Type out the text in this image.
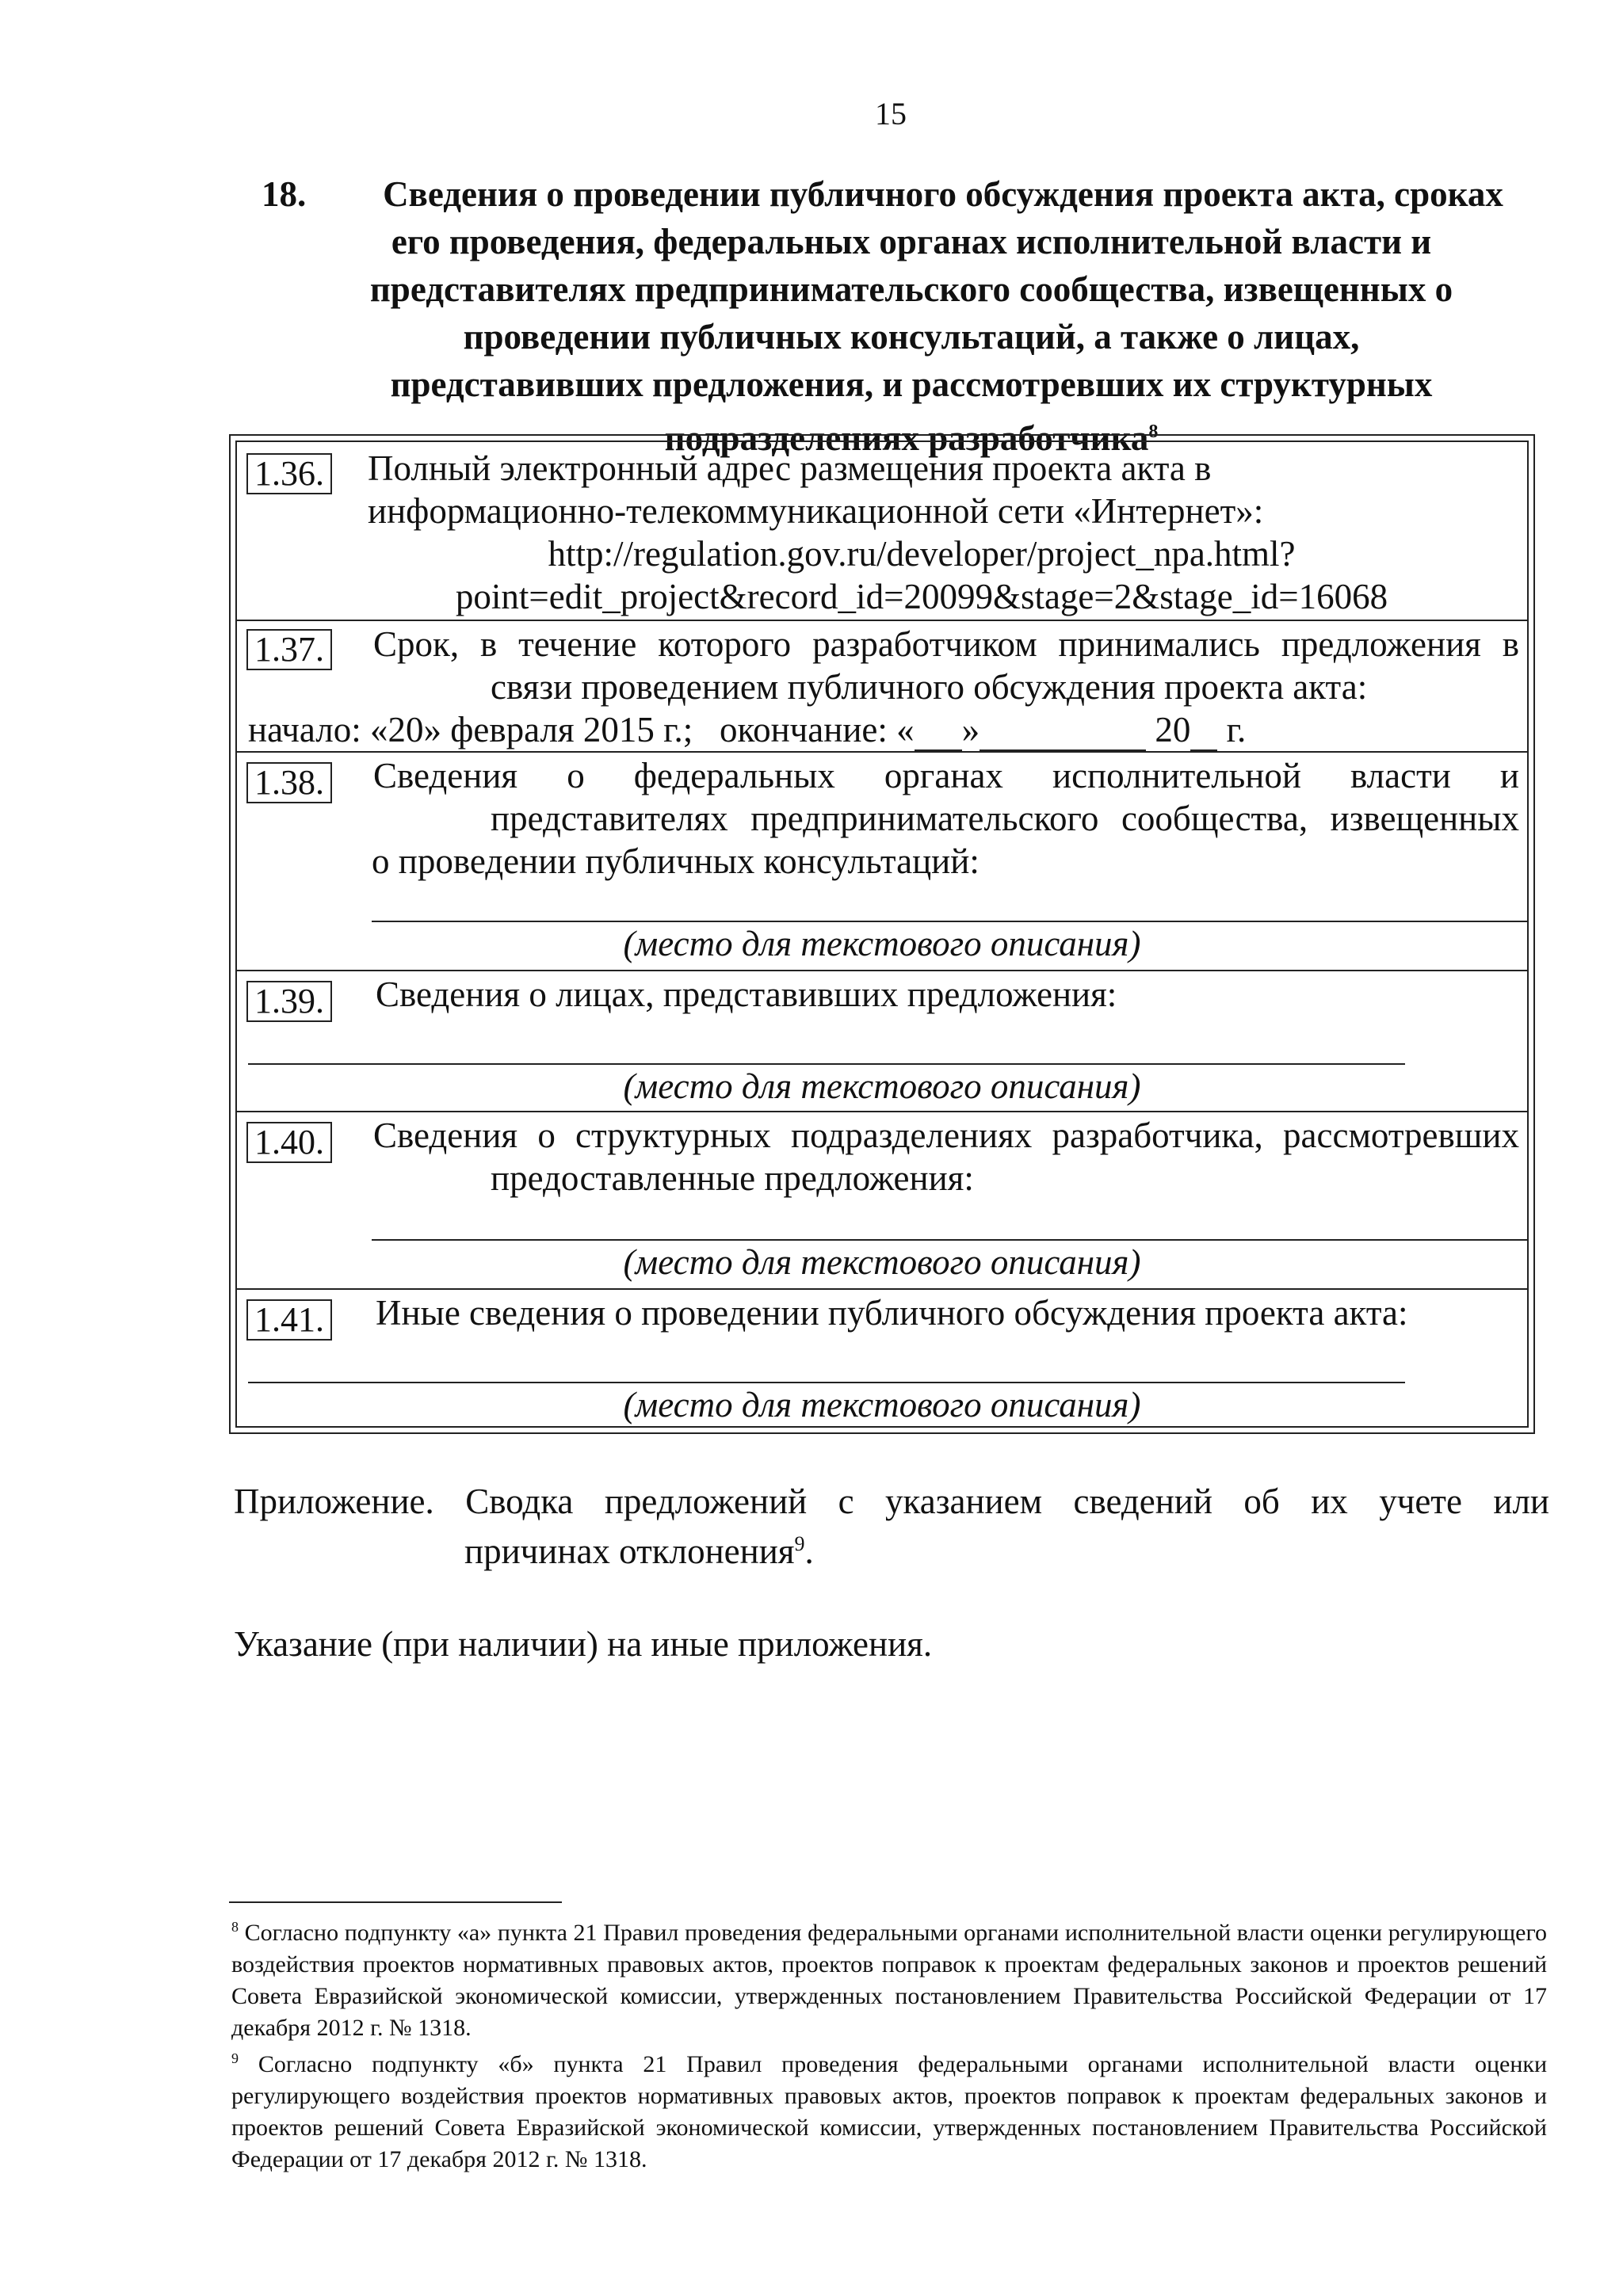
15
18.	Сведения о проведении публичного обсуждения проекта акта, сроках
его проведения, федеральных органах исполнительной власти и
представителях предпринимательского сообщества, извещенных о
проведении публичных консультаций, а также о лицах,
представивших предложения, и рассмотревших их структурных
подразделениях разработчика$^8$
1.36. Полный электронный адрес размещения проекта акта в
информационно-телекоммуникационной сети «Интернет»:
http://regulation.gov.ru/developer/project_npa.html?
point=edit_project&record_id=20099&stage=2&stage_id=16068
1.37. Срок, в течение которого разработчиком принимались предложения в
связи проведением публичного обсуждения проекта акта:
начало: «20» февраля 2015 г.; окончание: « »	20 г.
1.38. Сведения о федеральных органах исполнительной власти и
представителях предпринимательского сообщества, извещенных
о проведении публичных консультаций:
(место для текстового описания)
1.39. Сведения о лицах, представивших предложения:
(место для текстового описания)
1.40. Сведения о структурных подразделениях разработчика, рассмотревших
предоставленные предложения:
(место для текстового описания)
1.41. Иные сведения о проведении публичного обсуждения проекта акта:
(место для текстового описания)
Приложение. Сводка предложений с указанием сведений об их учете или
причинах отклонения$^9$.
Указание (при наличии) на иные приложения.
$^8$ Согласно подпункту «а» пункта 21 Правил проведения федеральными органами исполнительной власти оценки регулирующего воздействия проектов нормативных правовых актов, проектов поправок к проектам федеральных законов и проектов решений Совета Евразийской экономической комиссии, утвержденных постановлением Правительства Российской Федерации от 17 декабря 2012 г. № 1318.
$^9$ Согласно подпункту «б» пункта 21 Правил проведения федеральными органами исполнительной власти оценки регулирующего воздействия проектов нормативных правовых актов, проектов поправок к проектам федеральных законов и проектов решений Совета Евразийской экономической комиссии, утвержденных постановлением Правительства Российской Федерации от 17 декабря 2012 г. № 1318.
